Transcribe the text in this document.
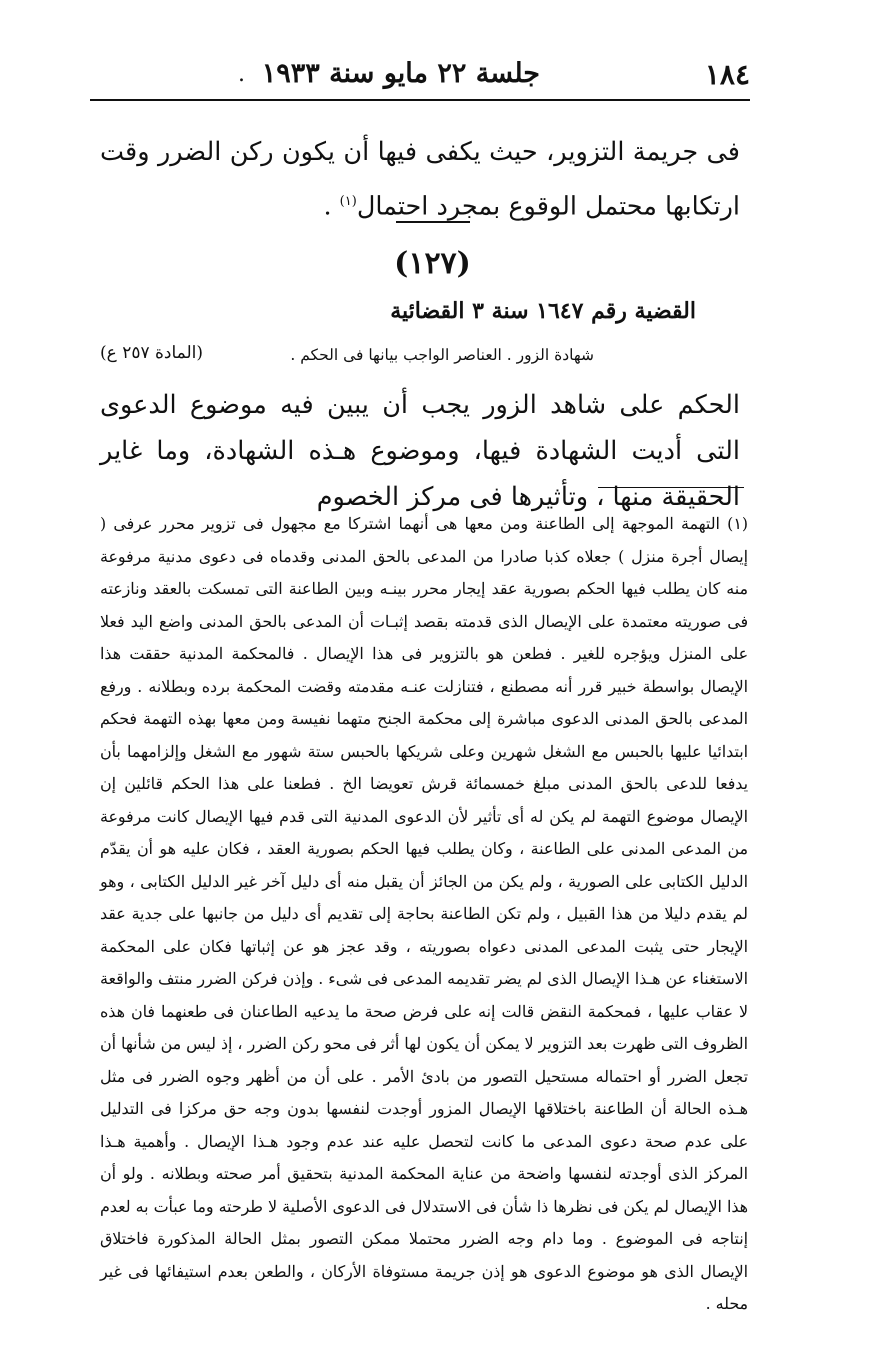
١٨٤
جلسة ٢٢ مايو سنة ١٩٣٣
.
فى جريمة التزوير، حيث يكفى فيها أن يكون ركن الضرر وقت ارتكابها محتمل الوقوع بمجرد احتمال$^{(١)}$ .
(١٢٧)
القضية رقم ١٦٤٧ سنة ٣ القضائية
شهادة الزور . العناصر الواجب بيانها فى الحكم .
(المادة ٢٥٧ ع)
الحكم على شاهد الزور يجب أن يبين فيه موضوع الدعوى التى أديت الشهادة فيها، وموضوع هـذه الشهادة، وما غاير الحقيقة منها ، وتأثيرها فى مركز الخصوم
(١) التهمة الموجهة إلى الطاعنة ومن معها هى أنهما اشتركا مع مجهول فى تزوير محرر عرفى ( إيصال أجرة منزل ) جعلاه كذبا صادرا من المدعى بالحق المدنى وقدماه فى دعوى مدنية مرفوعة منه كان يطلب فيها الحكم بصورية عقد إيجار محرر بينـه وبين الطاعنة التى تمسكت بالعقد ونازعته فى صوريته معتمدة على الإيصال الذى قدمته بقصد إثبـات أن المدعى بالحق المدنى واضع اليد فعلا على المنزل ويؤجره للغير . فطعن هو بالتزوير فى هذا الإيصال . فالمحكمة المدنية حققت هذا الإيصال بواسطة خبير قرر أنه مصطنع ، فتنازلت عنـه مقدمته وقضت المحكمة برده وبطلانه . ورفع المدعى بالحق المدنى الدعوى مباشرة إلى محكمة الجنح متهما نفيسة ومن معها بهذه التهمة فحكم ابتدائيا عليها بالحبس مع الشغل شهرين وعلى شريكها بالحبس ستة شهور مع الشغل وإلزامهما بأن يدفعا للدعى بالحق المدنى مبلغ خمسمائة قرش تعويضا الخ . فطعنا على هذا الحكم قائلين إن الإيصال موضوع التهمة لم يكن له أى تأثير لأن الدعوى المدنية التى قدم فيها الإيصال كانت مرفوعة من المدعى المدنى على الطاعنة ، وكان يطلب فيها الحكم بصورية العقد ، فكان عليه هو أن يقدّم الدليل الكتابى على الصورية ، ولم يكن من الجائز أن يقبل منه أى دليل آخر غير الدليل الكتابى ، وهو لم يقدم دليلا من هذا القبيل ، ولم تكن الطاعنة بحاجة إلى تقديم أى دليل من جانبها على جدية عقد الإيجار حتى يثبت المدعى المدنى دعواه بصوريته ، وقد عجز هو عن إثباتها فكان على المحكمة الاستغناء عن هـذا الإيصال الذى لم يضر تقديمه المدعى فى شىء . وإذن فركن الضرر منتف والواقعة لا عقاب عليها ، فمحكمة النقض قالت إنه على فرض صحة ما يدعيه الطاعنان فى طعنهما فان هذه الظروف التى ظهرت بعد التزوير لا يمكن أن يكون لها أثر فى محو ركن الضرر ، إذ ليس من شأنها أن تجعل الضرر أو احتماله مستحيل التصور من بادئ الأمر . على أن من أظهر وجوه الضرر فى مثل هـذه الحالة أن الطاعنة باختلاقها الإيصال المزور أوجدت لنفسها بدون وجه حق مركزا فى التدليل على عدم صحة دعوى المدعى ما كانت لتحصل عليه عند عدم وجود هـذا الإيصال . وأهمية هـذا المركز الذى أوجدته لنفسها واضحة من عناية المحكمة المدنية بتحقيق أمر صحته وبطلانه . ولو أن هذا الإيصال لم يكن فى نظرها ذا شأن فى الاستدلال فى الدعوى الأصلية لا طرحته وما عبأت به لعدم إنتاجه فى الموضوع . وما دام وجه الضرر محتملا ممكن التصور بمثل الحالة المذكورة فاختلاق الإيصال الذى هو موضوع الدعوى هو إذن جريمة مستوفاة الأركان ، والطعن بعدم استيفائها فى غير محله .
